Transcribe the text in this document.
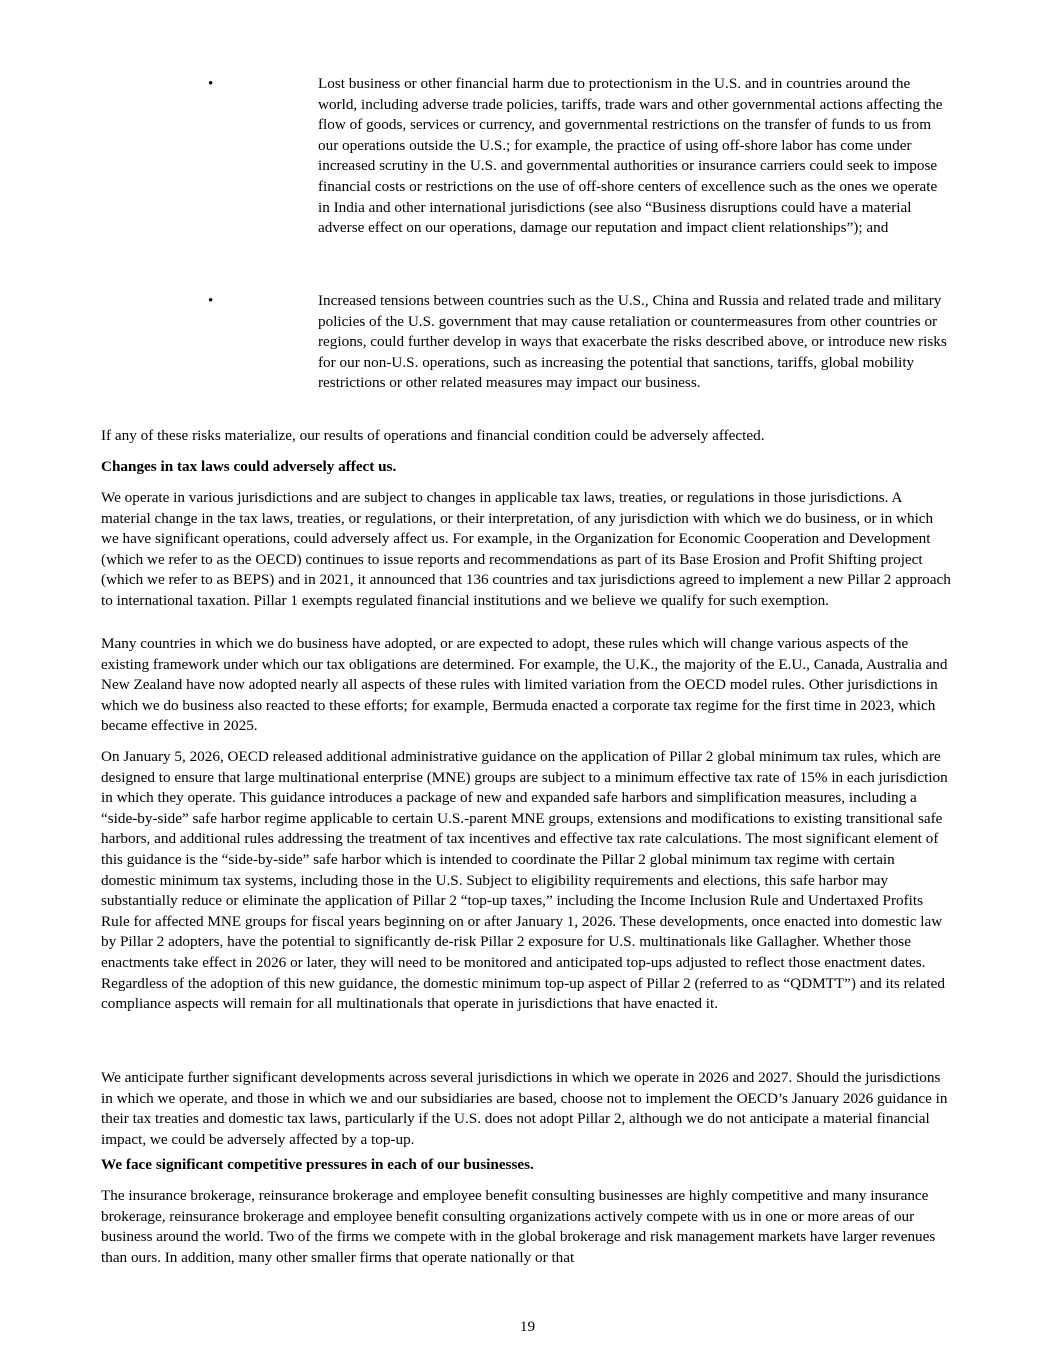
•	Lost business or other financial harm due to protectionism in the U.S. and in countries around the world, including adverse trade policies, tariffs, trade wars and other governmental actions affecting the flow of goods, services or currency, and governmental restrictions on the transfer of funds to us from our operations outside the U.S.; for example, the practice of using off-shore labor has come under increased scrutiny in the U.S. and governmental authorities or insurance carriers could seek to impose financial costs or restrictions on the use of off-shore centers of excellence such as the ones we operate in India and other international jurisdictions (see also “Business disruptions could have a material adverse effect on our operations, damage our reputation and impact client relationships”); and
•	Increased tensions between countries such as the U.S., China and Russia and related trade and military policies of the U.S. government that may cause retaliation or countermeasures from other countries or regions, could further develop in ways that exacerbate the risks described above, or introduce new risks for our non-U.S. operations, such as increasing the potential that sanctions, tariffs, global mobility restrictions or other related measures may impact our business.

If any of these risks materialize, our results of operations and financial condition could be adversely affected.

Changes in tax laws could adversely affect us.

We operate in various jurisdictions and are subject to changes in applicable tax laws, treaties, or regulations in those jurisdictions. A material change in the tax laws, treaties, or regulations, or their interpretation, of any jurisdiction with which we do business, or in which we have significant operations, could adversely affect us. For example, in the Organization for Economic Cooperation and Development (which we refer to as the OECD) continues to issue reports and recommendations as part of its Base Erosion and Profit Shifting project (which we refer to as BEPS) and in 2021, it announced that 136 countries and tax jurisdictions agreed to implement a new Pillar 2 approach to international taxation. Pillar 1 exempts regulated financial institutions and we believe we qualify for such exemption.

Many countries in which we do business have adopted, or are expected to adopt, these rules which will change various aspects of the existing framework under which our tax obligations are determined. For example, the U.K., the majority of the E.U., Canada, Australia and New Zealand have now adopted nearly all aspects of these rules with limited variation from the OECD model rules. Other jurisdictions in which we do business also reacted to these efforts; for example, Bermuda enacted a corporate tax regime for the first time in 2023, which became effective in 2025.

On January 5, 2026, OECD released additional administrative guidance on the application of Pillar 2 global minimum tax rules, which are designed to ensure that large multinational enterprise (MNE) groups are subject to a minimum effective tax rate of 15% in each jurisdiction in which they operate. This guidance introduces a package of new and expanded safe harbors and simplification measures, including a “side-by-side” safe harbor regime applicable to certain U.S.-parent MNE groups, extensions and modifications to existing transitional safe harbors, and additional rules addressing the treatment of tax incentives and effective tax rate calculations. The most significant element of this guidance is the “side-by-side” safe harbor which is intended to coordinate the Pillar 2 global minimum tax regime with certain domestic minimum tax systems, including those in the U.S. Subject to eligibility requirements and elections, this safe harbor may substantially reduce or eliminate the application of Pillar 2 “top-up taxes,” including the Income Inclusion Rule and Undertaxed Profits Rule for affected MNE groups for fiscal years beginning on or after January 1, 2026. These developments, once enacted into domestic law by Pillar 2 adopters, have the potential to significantly de-risk Pillar 2 exposure for U.S. multinationals like Gallagher. Whether those enactments take effect in 2026 or later, they will need to be monitored and anticipated top-ups adjusted to reflect those enactment dates. Regardless of the adoption of this new guidance, the domestic minimum top-up aspect of Pillar 2 (referred to as “QDMTT”) and its related compliance aspects will remain for all multinationals that operate in jurisdictions that have enacted it.

We anticipate further significant developments across several jurisdictions in which we operate in 2026 and 2027. Should the jurisdictions in which we operate, and those in which we and our subsidiaries are based, choose not to implement the OECD’s January 2026 guidance in their tax treaties and domestic tax laws, particularly if the U.S. does not adopt Pillar 2, although we do not anticipate a material financial impact, we could be adversely affected by a top-up.

We face significant competitive pressures in each of our businesses.

The insurance brokerage, reinsurance brokerage and employee benefit consulting businesses are highly competitive and many insurance brokerage, reinsurance brokerage and employee benefit consulting organizations actively compete with us in one or more areas of our business around the world. Two of the firms we compete with in the global brokerage and risk management markets have larger revenues than ours. In addition, many other smaller firms that operate nationally or that

19
